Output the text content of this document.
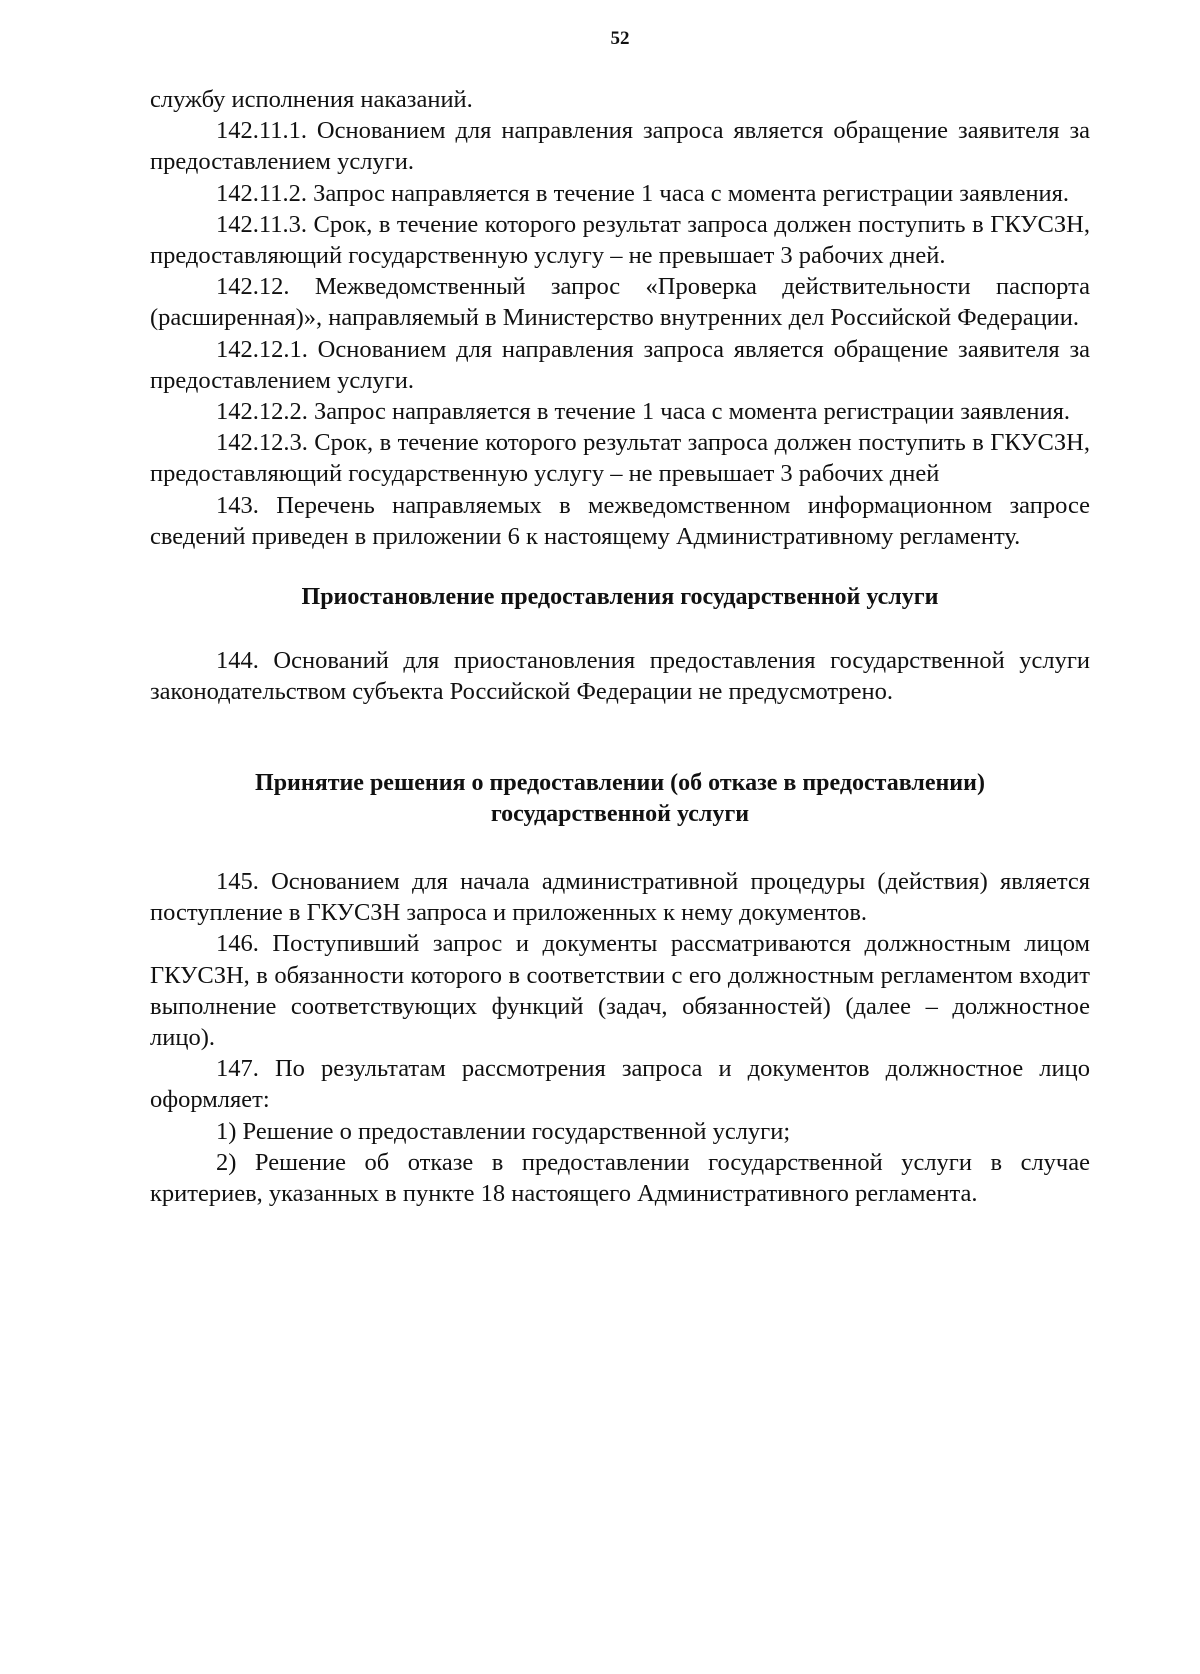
52

службу исполнения наказаний.

142.11.1. Основанием для направления запроса является обращение заявителя за предоставлением услуги.

142.11.2. Запрос направляется в течение 1 часа с момента регистрации заявления.

142.11.3. Срок, в течение которого результат запроса должен поступить в ГКУСЗН, предоставляющий государственную услугу – не превышает 3 рабочих дней.

142.12. Межведомственный запрос «Проверка действительности паспорта (расширенная)», направляемый в Министерство внутренних дел Российской Федерации.

142.12.1. Основанием для направления запроса является обращение заявителя за предоставлением услуги.

142.12.2. Запрос направляется в течение 1 часа с момента регистрации заявления.

142.12.3. Срок, в течение которого результат запроса должен поступить в ГКУСЗН, предоставляющий государственную услугу – не превышает 3 рабочих дней

143. Перечень направляемых в межведомственном информационном запросе сведений приведен в приложении 6 к настоящему Административному регламенту.

Приостановление предоставления государственной услуги

144. Оснований для приостановления предоставления государственной услуги законодательством субъекта Российской Федерации не предусмотрено.

Принятие решения о предоставлении (об отказе в предоставлении)

государственной услуги

145. Основанием для начала административной процедуры (действия) является поступление в ГКУСЗН запроса и приложенных к нему документов.

146. Поступивший запрос и документы рассматриваются должностным лицом ГКУСЗН, в обязанности которого в соответствии с его должностным регламентом входит выполнение соответствующих функций (задач, обязанностей) (далее – должностное лицо).

147. По результатам рассмотрения запроса и документов должностное лицо оформляет:

1) Решение о предоставлении государственной услуги;

2) Решение об отказе в предоставлении государственной услуги в случае критериев, указанных в пункте 18 настоящего Административного регламента.
